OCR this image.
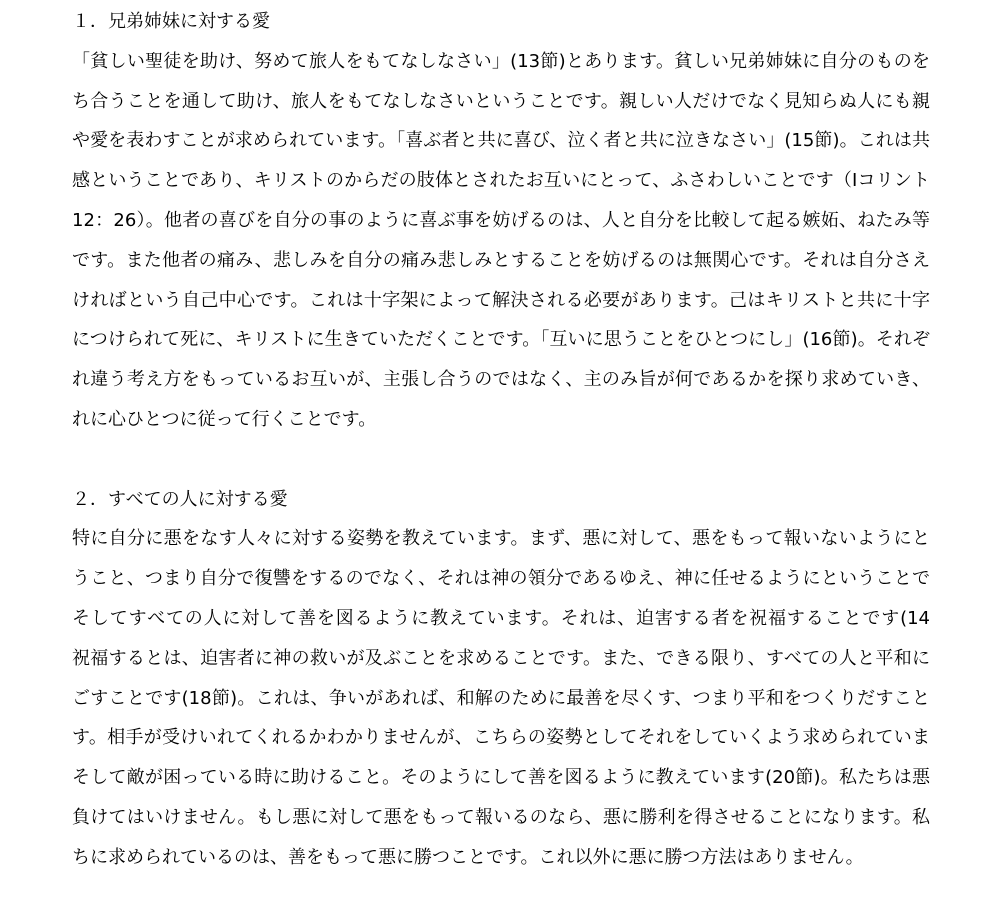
１．兄弟姉妹に対する愛
「貧しい聖徒を助け、努めて旅人をもてなしなさい」(13節)とあります。貧しい兄弟姉妹に自分のものを
ち合うことを通して助け、旅人をもてなしなさいということです。親しい人だけでなく見知らぬ人にも親
や愛を表わすことが求められています。「喜ぶ者と共に喜び、泣く者と共に泣きなさい」(15節)。これは共
感ということであり、キリストのからだの肢体とされたお互いにとって、ふさわしいことです（Ⅰコリント
12：26）。他者の喜びを自分の事のように喜ぶ事を妨げるのは、人と自分を比較して起る嫉妬、ねたみ等
です。また他者の痛み、悲しみを自分の痛み悲しみとすることを妨げるのは無関心です。それは自分さえ
ければという自己中心です。これは十字架によって解決される必要があります。己はキリストと共に十字
につけられて死に、キリストに生きていただくことです。「互いに思うことをひとつにし」(16節)。それぞ
れ違う考え方をもっているお互いが、主張し合うのではなく、主のみ旨が何であるかを探り求めていき、
れに心ひとつに従って行くことです。
２．すべての人に対する愛
特に自分に悪をなす人々に対する姿勢を教えています。まず、悪に対して、悪をもって報いないようにと
うこと、つまり自分で復讐をするのでなく、それは神の領分であるゆえ、神に任せるようにということで
そしてすべての人に対して善を図るように教えています。それは、迫害する者を祝福することです(14
祝福するとは、迫害者に神の救いが及ぶことを求めることです。また、できる限り、すべての人と平和に
ごすことです(18節)。これは、争いがあれば、和解のために最善を尽くす、つまり平和をつくりだすこと
す。相手が受けいれてくれるかわかりませんが、こちらの姿勢としてそれをしていくよう求められていま
そして敵が困っている時に助けること。そのようにして善を図るように教えています(20節)。私たちは悪
負けてはいけません。もし悪に対して悪をもって報いるのなら、悪に勝利を得させることになります。私
ちに求められているのは、善をもって悪に勝つことです。これ以外に悪に勝つ方法はありません。
